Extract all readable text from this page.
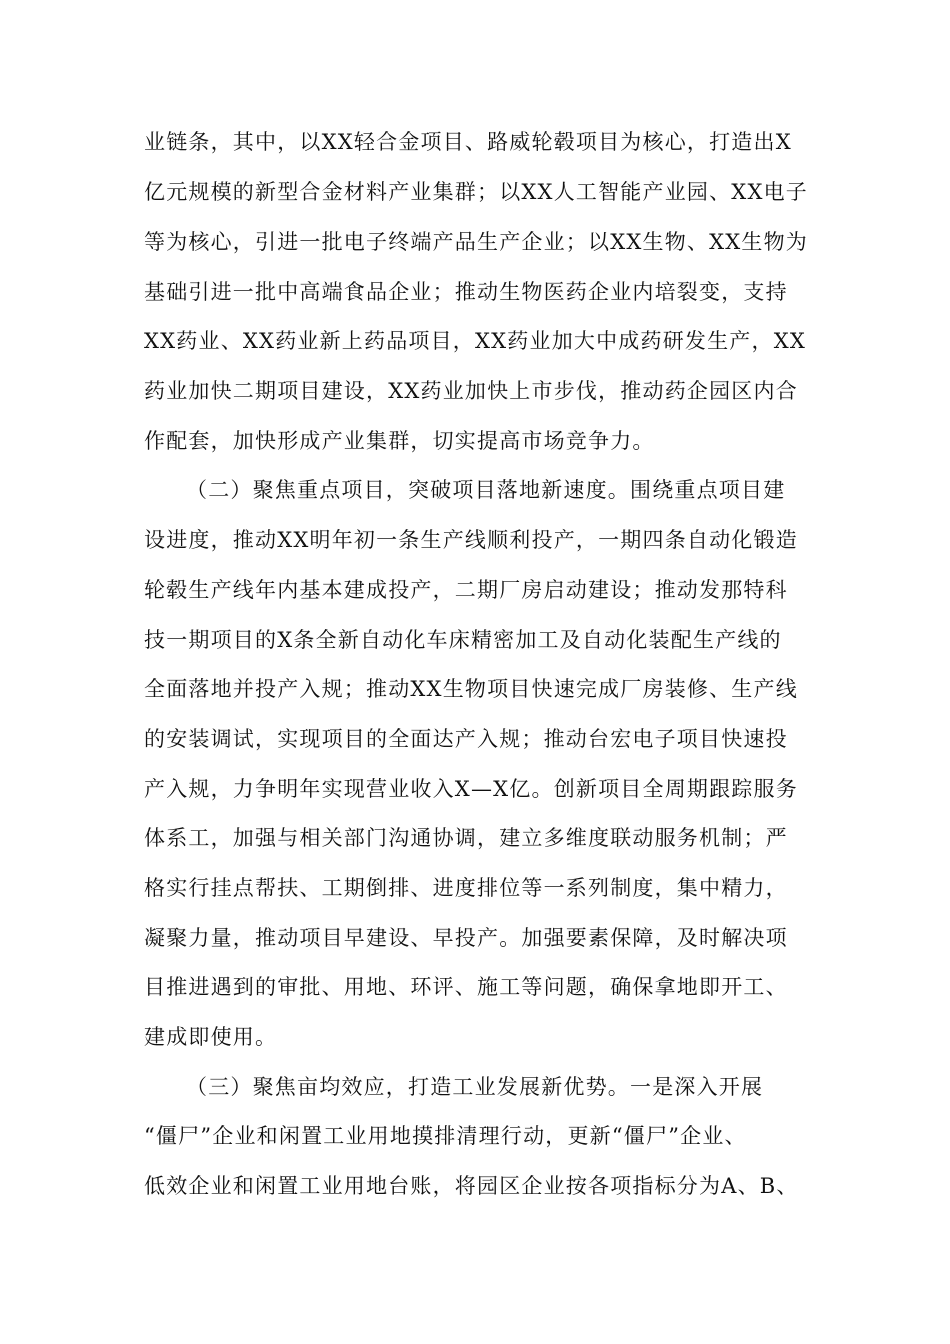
业链条，其中，以XX轻合金项目、路威轮毂项目为核心，打造出X
亿元规模的新型合金材料产业集群；以XX人工智能产业园、XX电子
等为核心，引进一批电子终端产品生产企业；以XX生物、XX生物为
基础引进一批中高端食品企业；推动生物医药企业内培裂变，支持
XX药业、XX药业新上药品项目，XX药业加大中成药研发生产，XX
药业加快二期项目建设，XX药业加快上市步伐，推动药企园区内合
作配套，加快形成产业集群，切实提高市场竞争力。
（二）聚焦重点项目，突破项目落地新速度。围绕重点项目建
设进度，推动XX明年初一条生产线顺利投产，一期四条自动化锻造
轮毂生产线年内基本建成投产，二期厂房启动建设；推动发那特科
技一期项目的X条全新自动化车床精密加工及自动化装配生产线的
全面落地并投产入规；推动XX生物项目快速完成厂房装修、生产线
的安装调试，实现项目的全面达产入规；推动台宏电子项目快速投
产入规，力争明年实现营业收入X—X亿。创新项目全周期跟踪服务
体系工，加强与相关部门沟通协调，建立多维度联动服务机制；严
格实行挂点帮扶、工期倒排、进度排位等一系列制度，集中精力，
凝聚力量，推动项目早建设、早投产。加强要素保障，及时解决项
目推进遇到的审批、用地、环评、施工等问题，确保拿地即开工、
建成即使用。
（三）聚焦亩均效应，打造工业发展新优势。一是深入开展
“僵尸”企业和闲置工业用地摸排清理行动，更新“僵尸”企业、
低效企业和闲置工业用地台账，将园区企业按各项指标分为A、B、
